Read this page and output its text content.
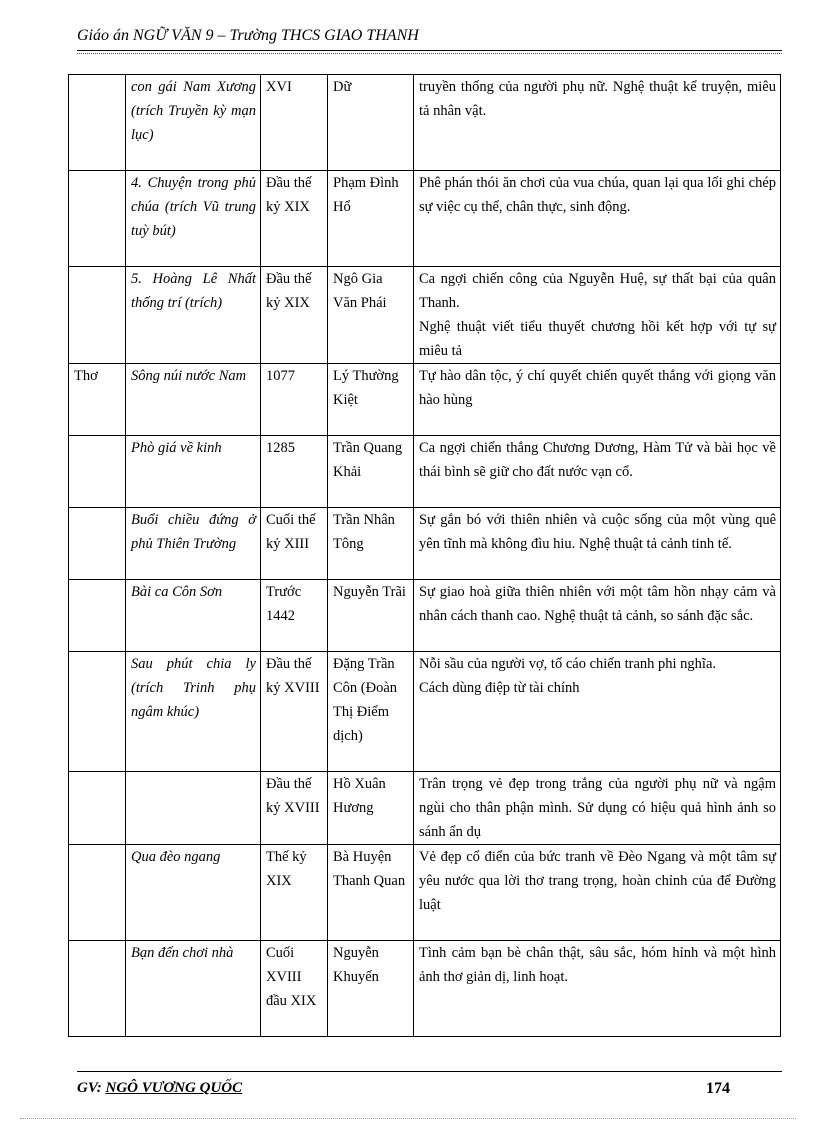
Giáo án NGỮ VĂN 9 – Trường THCS GIAO THANH
	con gái Nam Xương (trích Truyền kỳ mạn lục)	XVI	Dữ	truyền thống của người phụ nữ. Nghệ thuật kể truyện, miêu tả nhân vật.

	4. Chuyện trong phủ chúa (trích Vũ trung tuỳ bút)	Đầu thế kỷ XIX	Phạm Đình Hổ	Phê phán thói ăn chơi của vua chúa, quan lại qua lối ghi chép sự việc cụ thể, chân thực, sinh động.

	5. Hoàng Lê Nhất thống trí (trích)	Đầu thế kỷ XIX	Ngô Gia Văn Phái	Ca ngợi chiến công của Nguyễn Huệ, sự thất bại của quân Thanh.
Nghệ thuật viết tiểu thuyết chương hồi kết hợp với tự sự miêu tả

Thơ	Sông núi nước Nam	1077	Lý Thường Kiệt	Tự hào dân tộc, ý chí quyết chiến quyết thắng với giọng văn hào hùng

	Phò giá về kinh	1285	Trần Quang Khải	Ca ngợi chiến thắng Chương Dương, Hàm Tử và bài học về thái bình sẽ giữ cho đất nước vạn cổ.

	Buổi chiều đứng ở phủ Thiên Trường	Cuối thế kỷ XIII	Trần Nhân Tông	Sự gắn bó với thiên nhiên và cuộc sống của một vùng quê yên tĩnh mà không đìu hiu. Nghệ thuật tả cảnh tinh tế.

	Bài ca Côn Sơn	Trước 1442	Nguyễn Trãi	Sự giao hoà giữa thiên nhiên với một tâm hồn nhạy cảm và nhân cách thanh cao. Nghệ thuật tả cảnh, so sánh đặc sắc.

	Sau phút chia ly (trích Trinh phụ ngâm khúc)	Đầu thế kỷ XVIII	Đặng Trần Côn (Đoàn Thị Điểm dịch)	Nỗi sầu của người vợ, tố cáo chiến tranh phi nghĩa.
Cách dùng điệp từ tài chính

		Đầu thế kỷ XVIII	Hồ Xuân Hương	Trân trọng vẻ đẹp trong trắng của người phụ nữ và ngậm ngùi cho thân phận mình. Sử dụng có hiệu quả hình ảnh so sánh ẩn dụ

	Qua đèo ngang	Thế kỷ XIX	Bà Huyện Thanh Quan	Vẻ đẹp cổ điển của bức tranh về Đèo Ngang và một tâm sự yêu nước qua lời thơ trang trọng, hoàn chỉnh của để Đường luật

	Bạn đến chơi nhà	Cuối XVIII đầu XIX	Nguyễn Khuyến	Tình cảm bạn bè chân thật, sâu sắc, hóm hỉnh và một hình ảnh thơ giản dị, linh hoạt.
GV: NGÔ VƯƠNG QUỐC	174
